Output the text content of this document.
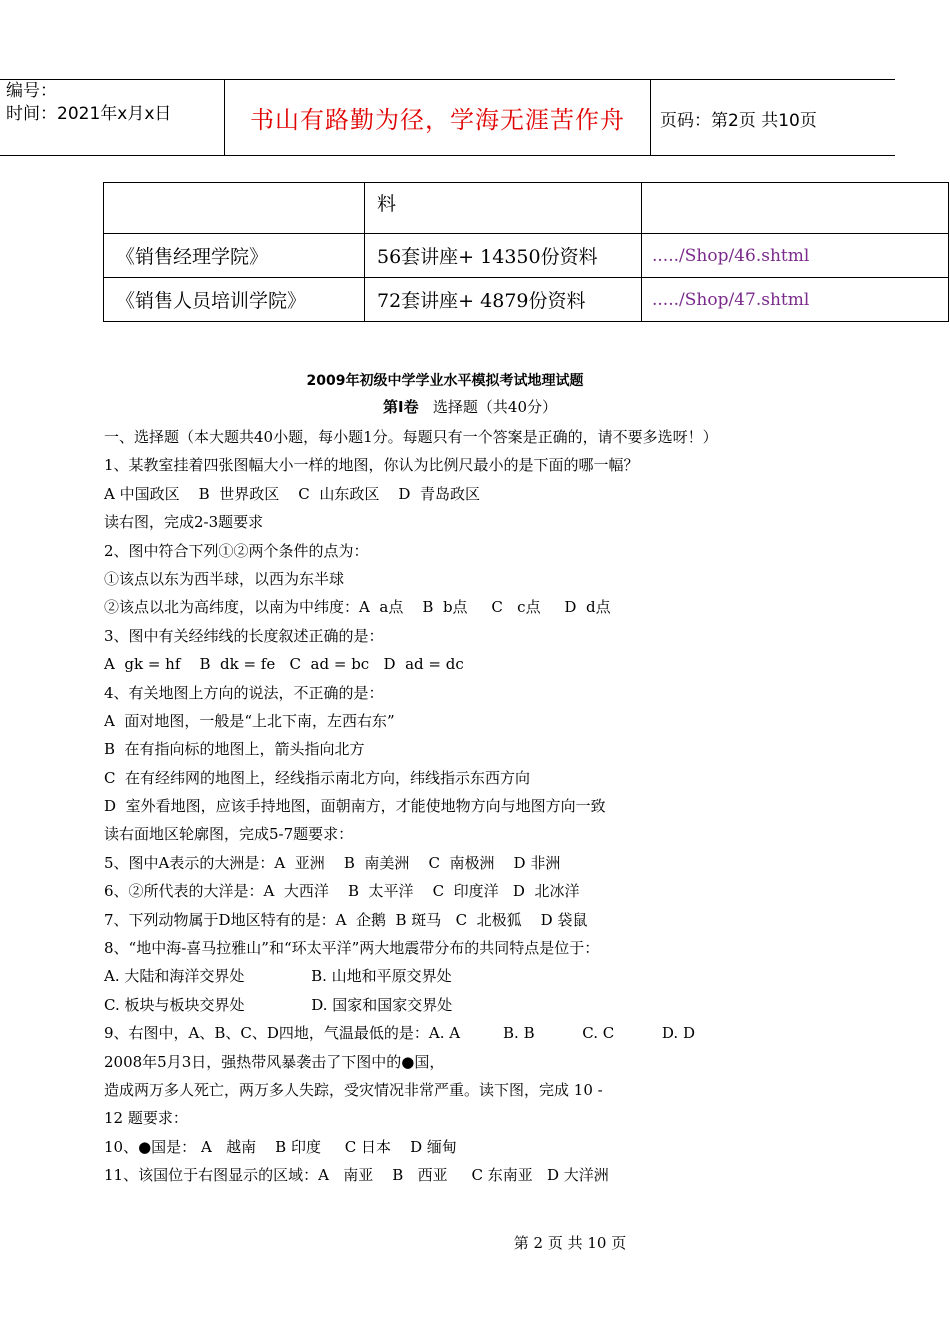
编号：
时间：2021年x月x日	书山有路勤为径，学海无涯苦作舟	页码：第2页 共10页
	料	
《销售经理学院》	56套讲座+ 14350份资料	...../Shop/46.shtml
《销售人员培训学院》	72套讲座+ 4879份资料	...../Shop/47.shtml
2009年初级中学学业水平模拟考试地理试题
第Ⅰ卷 选择题（共40分）
一、选择题（本大题共40小题，每小题1分。每题只有一个答案是正确的，请不要多选呀！）
1、某教室挂着四张图幅大小一样的地图，你认为比例尺最小的是下面的哪一幅？
A 中国政区    B  世界政区    C  山东政区    D  青岛政区
读右图，完成2-3题要求
2、图中符合下列①②两个条件的点为：
①该点以东为西半球，以西为东半球
②该点以北为高纬度，以南为中纬度：A  a点    B  b点     C   c点     D  d点
3、图中有关经纬线的长度叙述正确的是：
A  gk = hf    B  dk = fe   C  ad = bc   D  ad = dc
4、有关地图上方向的说法，不正确的是：
A  面对地图，一般是“上北下南，左西右东”
B  在有指向标的地图上，箭头指向北方
C  在有经纬网的地图上，经线指示南北方向，纬线指示东西方向
D  室外看地图，应该手持地图，面朝南方，才能使地物方向与地图方向一致
读右面地区轮廓图，完成5-7题要求：
5、图中A表示的大洲是：A  亚洲    B  南美洲    C  南极洲    D 非洲
6、②所代表的大洋是：A  大西洋    B  太平洋    C  印度洋   D  北冰洋
7、下列动物属于D地区特有的是：A  企鹅  B 斑马   C  北极狐    D 袋鼠
8、“地中海-喜马拉雅山”和“环太平洋”两大地震带分布的共同特点是位于：
A. 大陆和海洋交界处              B. 山地和平原交界处
C. 板块与板块交界处              D. 国家和国家交界处
9、右图中，A、B、C、D四地，气温最低的是：A. A         B. B          C. C          D. D
2008年5月3日，强热带风暴袭击了下图中的●国，
造成两万多人死亡，两万多人失踪，受灾情况非常严重。读下图，完成 10 -
12 题要求：
10、●国是： A   越南    B 印度     C 日本    D 缅甸
11、该国位于右图显示的区域：A   南亚    B   西亚     C 东南亚   D 大洋洲
第 2 页 共 10 页
